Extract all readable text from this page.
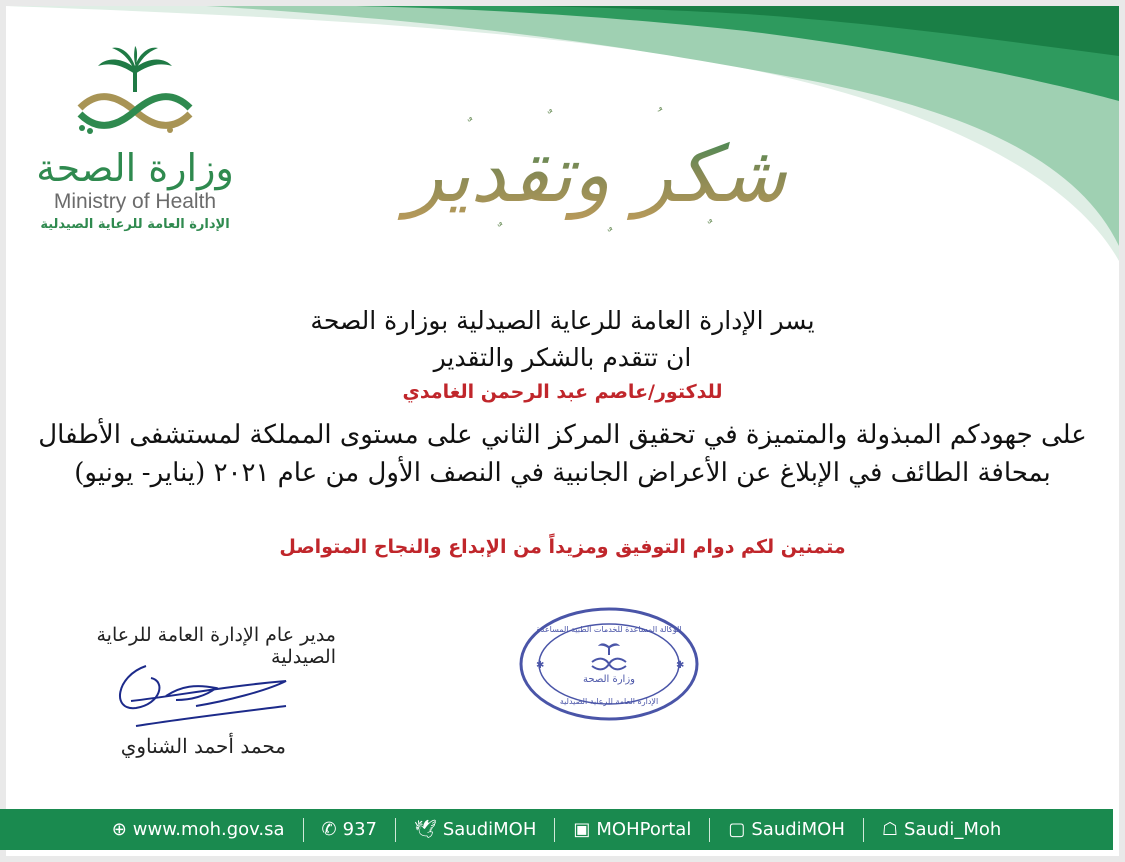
وزارة الصحة
Ministry of Health
الإدارة العامة للرعاية الصيدلية
شكر وتقدير
يسر الإدارة العامة للرعاية الصيدلية بوزارة الصحة
ان تتقدم بالشكر والتقدير
للدكتور/عاصم عبد الرحمن الغامدي
على جهودكم المبذولة والمتميزة في تحقيق المركز الثاني على مستوى المملكة لمستشفى الأطفال
بمحافة الطائف في الإبلاغ عن الأعراض الجانبية في النصف الأول من عام ٢٠٢١ (يناير- يونيو)
متمنين لكم دوام التوفيق ومزيداً من الإبداع والنجاح المتواصل
مدير عام الإدارة العامة للرعاية الصيدلية
محمد أحمد الشناوي
الوكالة المساعدة للخدمات الطبية المساعدة
وزارة الصحة
الإدارة العامة للرعاية الصيدلية
✱	✱
⊕ www.moh.gov.sa ✆ 937 🕊 SaudiMOH ▣ MOHPortal ▢ SaudiMOH ☖ Saudi_Moh
